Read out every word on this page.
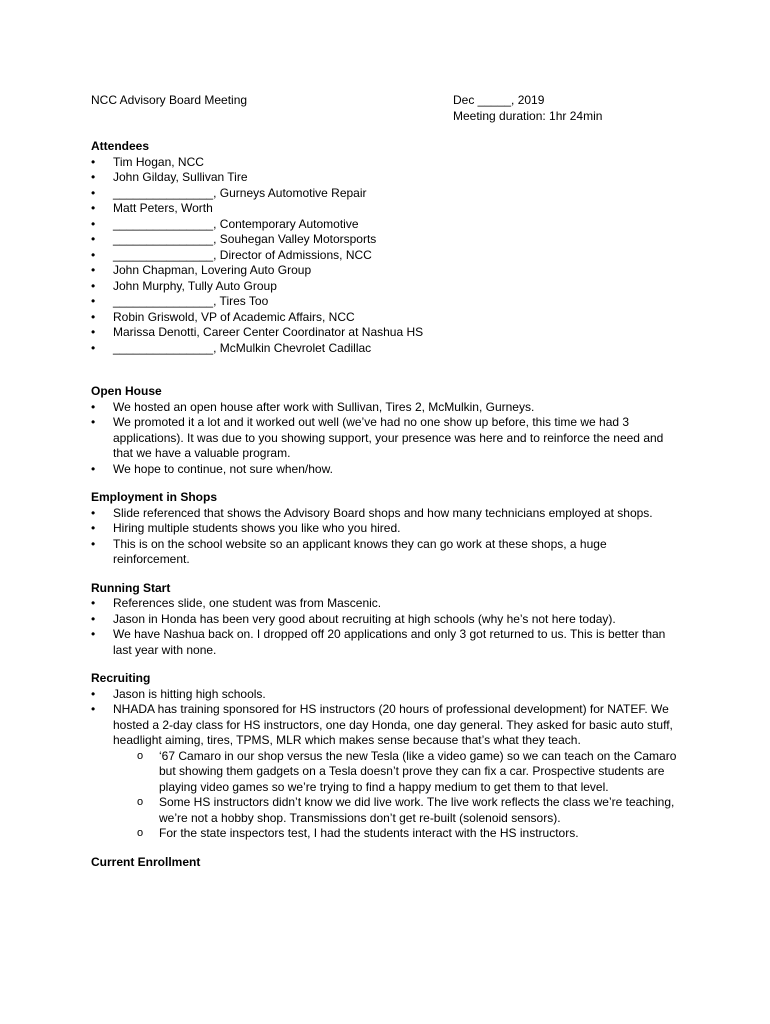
NCC Advisory Board Meeting	Dec _____, 2019
Meeting duration: 1hr 24min
Attendees
• Tim Hogan, NCC
• John Gilday, Sullivan Tire
• _______________, Gurneys Automotive Repair
• Matt Peters, Worth
• _______________, Contemporary Automotive
• _______________, Souhegan Valley Motorsports
• _______________, Director of Admissions, NCC
• John Chapman, Lovering Auto Group
• John Murphy, Tully Auto Group
• _______________, Tires Too
• Robin Griswold, VP of Academic Affairs, NCC
• Marissa Denotti, Career Center Coordinator at Nashua HS
• _______________, McMulkin Chevrolet Cadillac
Open House
• We hosted an open house after work with Sullivan, Tires 2, McMulkin, Gurneys.
• We promoted it a lot and it worked out well (we’ve had no one show up before, this time we had 3 applications). It was due to you showing support, your presence was here and to reinforce the need and that we have a valuable program.
• We hope to continue, not sure when/how.
Employment in Shops
• Slide referenced that shows the Advisory Board shops and how many technicians employed at shops.
• Hiring multiple students shows you like who you hired.
• This is on the school website so an applicant knows they can go work at these shops, a huge reinforcement.
Running Start
• References slide, one student was from Mascenic.
• Jason in Honda has been very good about recruiting at high schools (why he’s not here today).
• We have Nashua back on. I dropped off 20 applications and only 3 got returned to us. This is better than last year with none.
Recruiting
• Jason is hitting high schools.
• NHADA has training sponsored for HS instructors (20 hours of professional development) for NATEF. We hosted a 2-day class for HS instructors, one day Honda, one day general. They asked for basic auto stuff, headlight aiming, tires, TPMS, MLR which makes sense because that’s what they teach.
o ‘67 Camaro in our shop versus the new Tesla (like a video game) so we can teach on the Camaro but showing them gadgets on a Tesla doesn’t prove they can fix a car. Prospective students are playing video games so we’re trying to find a happy medium to get them to that level.
o Some HS instructors didn’t know we did live work. The live work reflects the class we’re teaching, we’re not a hobby shop. Transmissions don’t get re-built (solenoid sensors).
o For the state inspectors test, I had the students interact with the HS instructors.
Current Enrollment
